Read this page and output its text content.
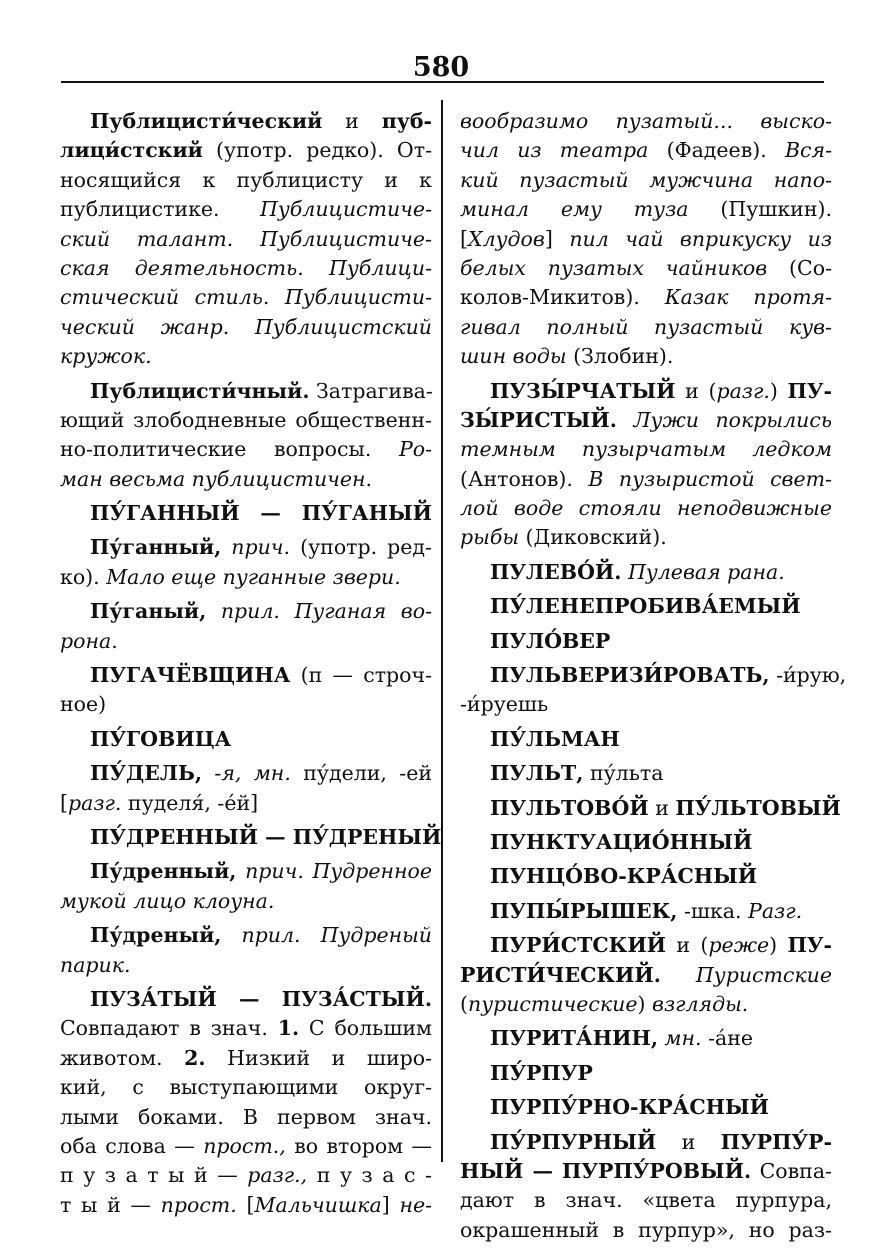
580
Публицисти́ческий и пуб-
лици́стский (употр. редко). От-
носящийся к публицисту и к
публицистике. Публицистиче-
ский талант. Публицистиче-
ская деятельность. Публици-
стический стиль. Публицисти-
ческий жанр. Публицистский
кружок.
Публицисти́чный. Затрагива-
ющий злободневные общественн-
но-политические вопросы. Ро-
ман весьма публицистичен.
ПУ́ГАННЫЙ — ПУ́ГАНЫЙ
Пу́ганный, прич. (употр. ред-
ко). Мало еще пуганные звери.
Пу́ганый, прил. Пуганая во-
рона.
ПУГАЧЁВЩИНА (п — строч-
ное)
ПУ́ГОВИЦА
ПУ́ДЕЛЬ, -я, мн. пу́дели, -ей
[разг. пуделя́, -е́й]
ПУ́ДРЕННЫЙ — ПУ́ДРЕНЫЙ
Пу́дренный, прич. Пудренное
мукой лицо клоуна.
Пу́дреный, прил. Пудреный
парик.
ПУЗА́ТЫЙ — ПУЗА́СТЫЙ.
Совпадают в знач. 1. С большим
животом. 2. Низкий и широ-
кий, с выступающими округ-
лыми боками. В первом знач.
оба слова — прост., во втором —
п у з а т ы й — разг., п у з а с -
т ы й — прост. [Мальчишка] не-
вообразимо пузатый... выско-
чил из театра (Фадеев). Вся-
кий пузастый мужчина напо-
минал ему туза (Пушкин).
[Хлудов] пил чай вприкуску из
белых пузатых чайников (Со-
колов-Микитов). Казак протя-
гивал полный пузастый кув-
шин воды (Злобин).
ПУЗЫ́РЧАТЫЙ и (разг.) ПУ-
ЗЫ́РИСТЫЙ. Лужи покрылись
темным пузырчатым ледком
(Антонов). В пузыристой свет-
лой воде стояли неподвижные
рыбы (Диковский).
ПУЛЕВО́Й. Пулевая рана.
ПУ́ЛЕНЕПРОБИВА́ЕМЫЙ
ПУЛО́ВЕР
ПУЛЬВЕРИЗИ́РОВАТЬ, -и́рую,
-и́руешь
ПУ́ЛЬМАН
ПУЛЬТ, пу́льта
ПУЛЬТОВО́Й и ПУ́ЛЬТОВЫЙ
ПУНКТУАЦИО́ННЫЙ
ПУНЦО́ВО-КРА́СНЫЙ
ПУПЫ́РЫШЕК, -шка. Разг.
ПУРИ́СТСКИЙ и (реже) ПУ-
РИСТИ́ЧЕСКИЙ. Пуристские
(пуристические) взгляды.
ПУРИТА́НИН, мн. -а́не
ПУ́РПУР
ПУРПУ́РНО-КРА́СНЫЙ
ПУ́РПУРНЫЙ и ПУРПУ́Р-
НЫЙ — ПУРПУ́РОВЫЙ. Совпа-
дают в знач. «цвета пурпура,
окрашенный в пурпур», но раз-
